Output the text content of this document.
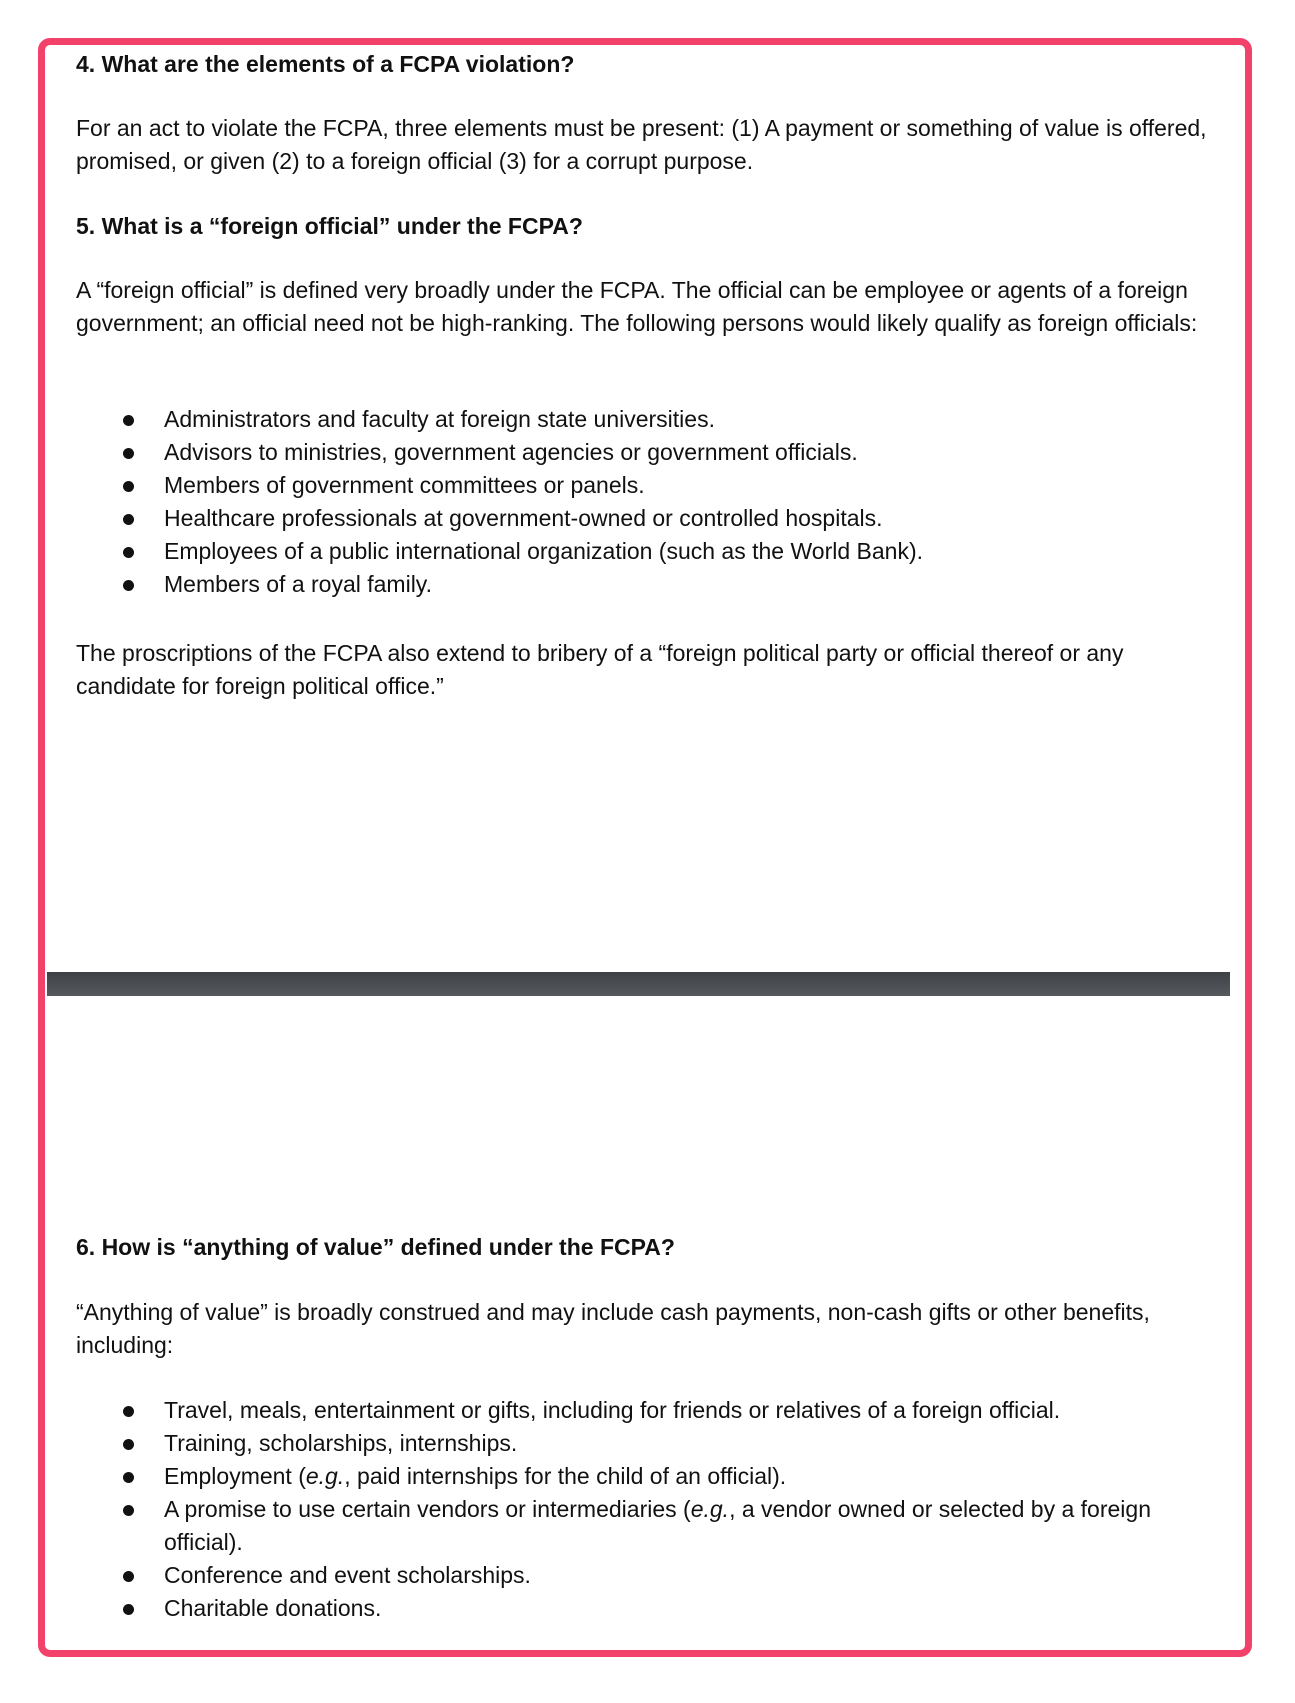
4. What are the elements of a FCPA violation?
For an act to violate the FCPA, three elements must be present: (1) A payment or something of value is offered, promised, or given (2) to a foreign official (3) for a corrupt purpose.
5. What is a “foreign official” under the FCPA?
A “foreign official” is defined very broadly under the FCPA. The official can be employee or agents of a foreign government; an official need not be high-ranking. The following persons would likely qualify as foreign officials:
Administrators and faculty at foreign state universities.
Advisors to ministries, government agencies or government officials.
Members of government committees or panels.
Healthcare professionals at government-owned or controlled hospitals.
Employees of a public international organization (such as the World Bank).
Members of a royal family.
The proscriptions of the FCPA also extend to bribery of a “foreign political party or official thereof or any candidate for foreign political office.”
6. How is “anything of value” defined under the FCPA?
“Anything of value” is broadly construed and may include cash payments, non-cash gifts or other benefits, including:
Travel, meals, entertainment or gifts, including for friends or relatives of a foreign official.
Training, scholarships, internships.
Employment (e.g., paid internships for the child of an official).
A promise to use certain vendors or intermediaries (e.g., a vendor owned or selected by a foreign official).
Conference and event scholarships.
Charitable donations.
